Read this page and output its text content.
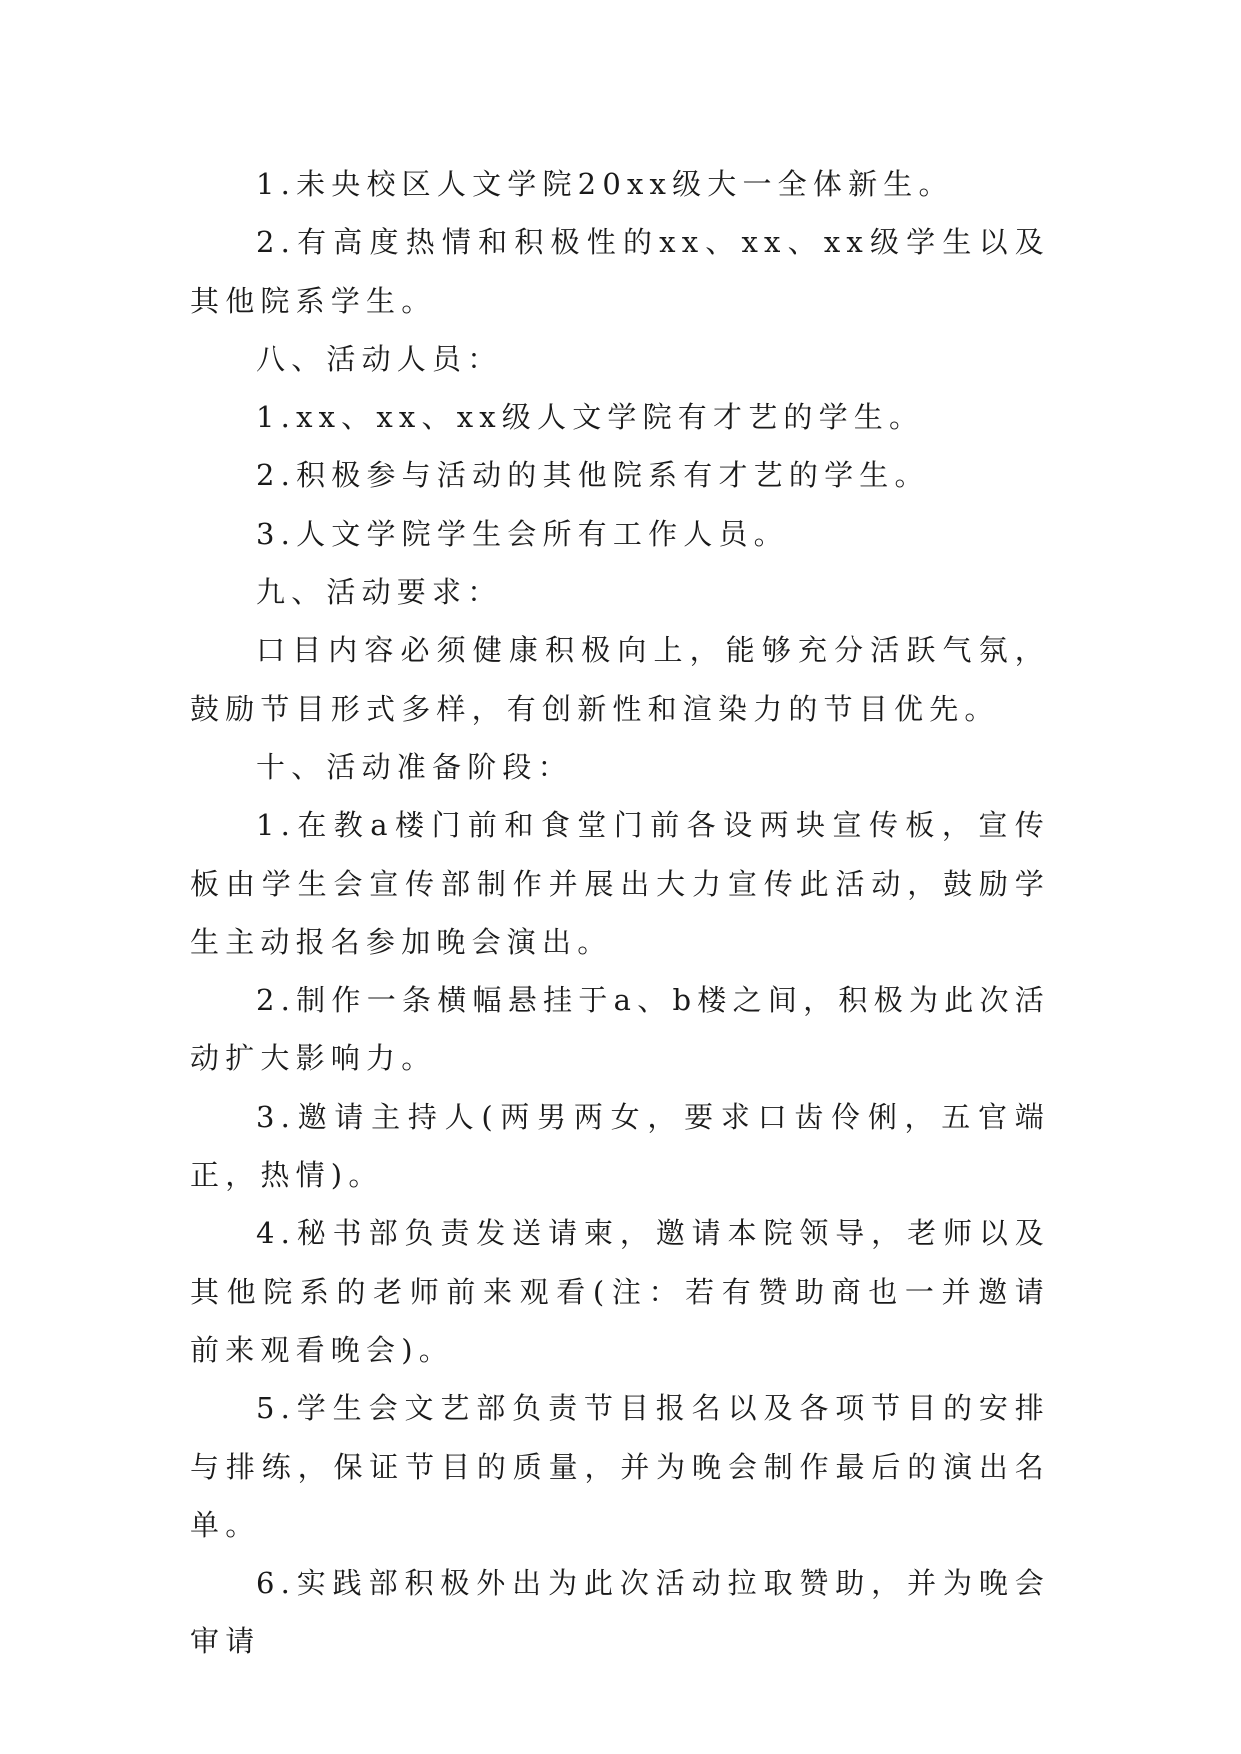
1.未央校区人文学院20xx级大一全体新生。

2.有高度热情和积极性的xx、xx、xx级学生以及其他院系学生。

八、活动人员：

1.xx、xx、xx级人文学院有才艺的学生。

2.积极参与活动的其他院系有才艺的学生。

3.人文学院学生会所有工作人员。

九、活动要求：

口目内容必须健康积极向上，能够充分活跃气氛，鼓励节目形式多样，有创新性和渲染力的节目优先。

十、活动准备阶段：

1.在教a楼门前和食堂门前各设两块宣传板，宣传板由学生会宣传部制作并展出大力宣传此活动，鼓励学生主动报名参加晚会演出。

2.制作一条横幅悬挂于a、b楼之间，积极为此次活动扩大影响力。

3.邀请主持人(两男两女，要求口齿伶俐，五官端正，热情)。

4.秘书部负责发送请柬，邀请本院领导，老师以及其他院系的老师前来观看(注：若有赞助商也一并邀请前来观看晚会)。

5.学生会文艺部负责节目报名以及各项节目的安排与排练，保证节目的质量，并为晚会制作最后的演出名单。

6.实践部积极外出为此次活动拉取赞助，并为晚会审请
